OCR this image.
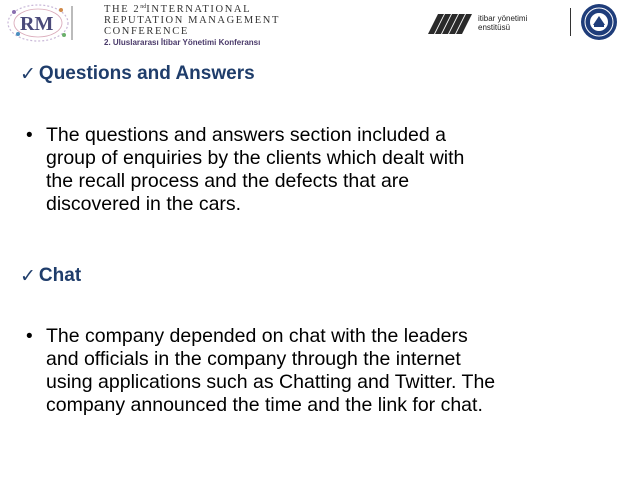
RM
THE 2ndINTERNATIONAL
REPUTATION MANAGEMENT
CONFERENCE
2. Uluslararası İtibar Yönetimi Konferansı
itibar yönetimi
enstitüsü
✓ Questions and Answers
• The questions and answers section included a
group of enquiries by the clients which dealt with
the recall process and the defects that are
discovered in the cars.
✓ Chat
• The company depended on chat with the leaders
and officials in the company through the internet
using applications such as Chatting and Twitter. The
company announced the time and the link for chat.
